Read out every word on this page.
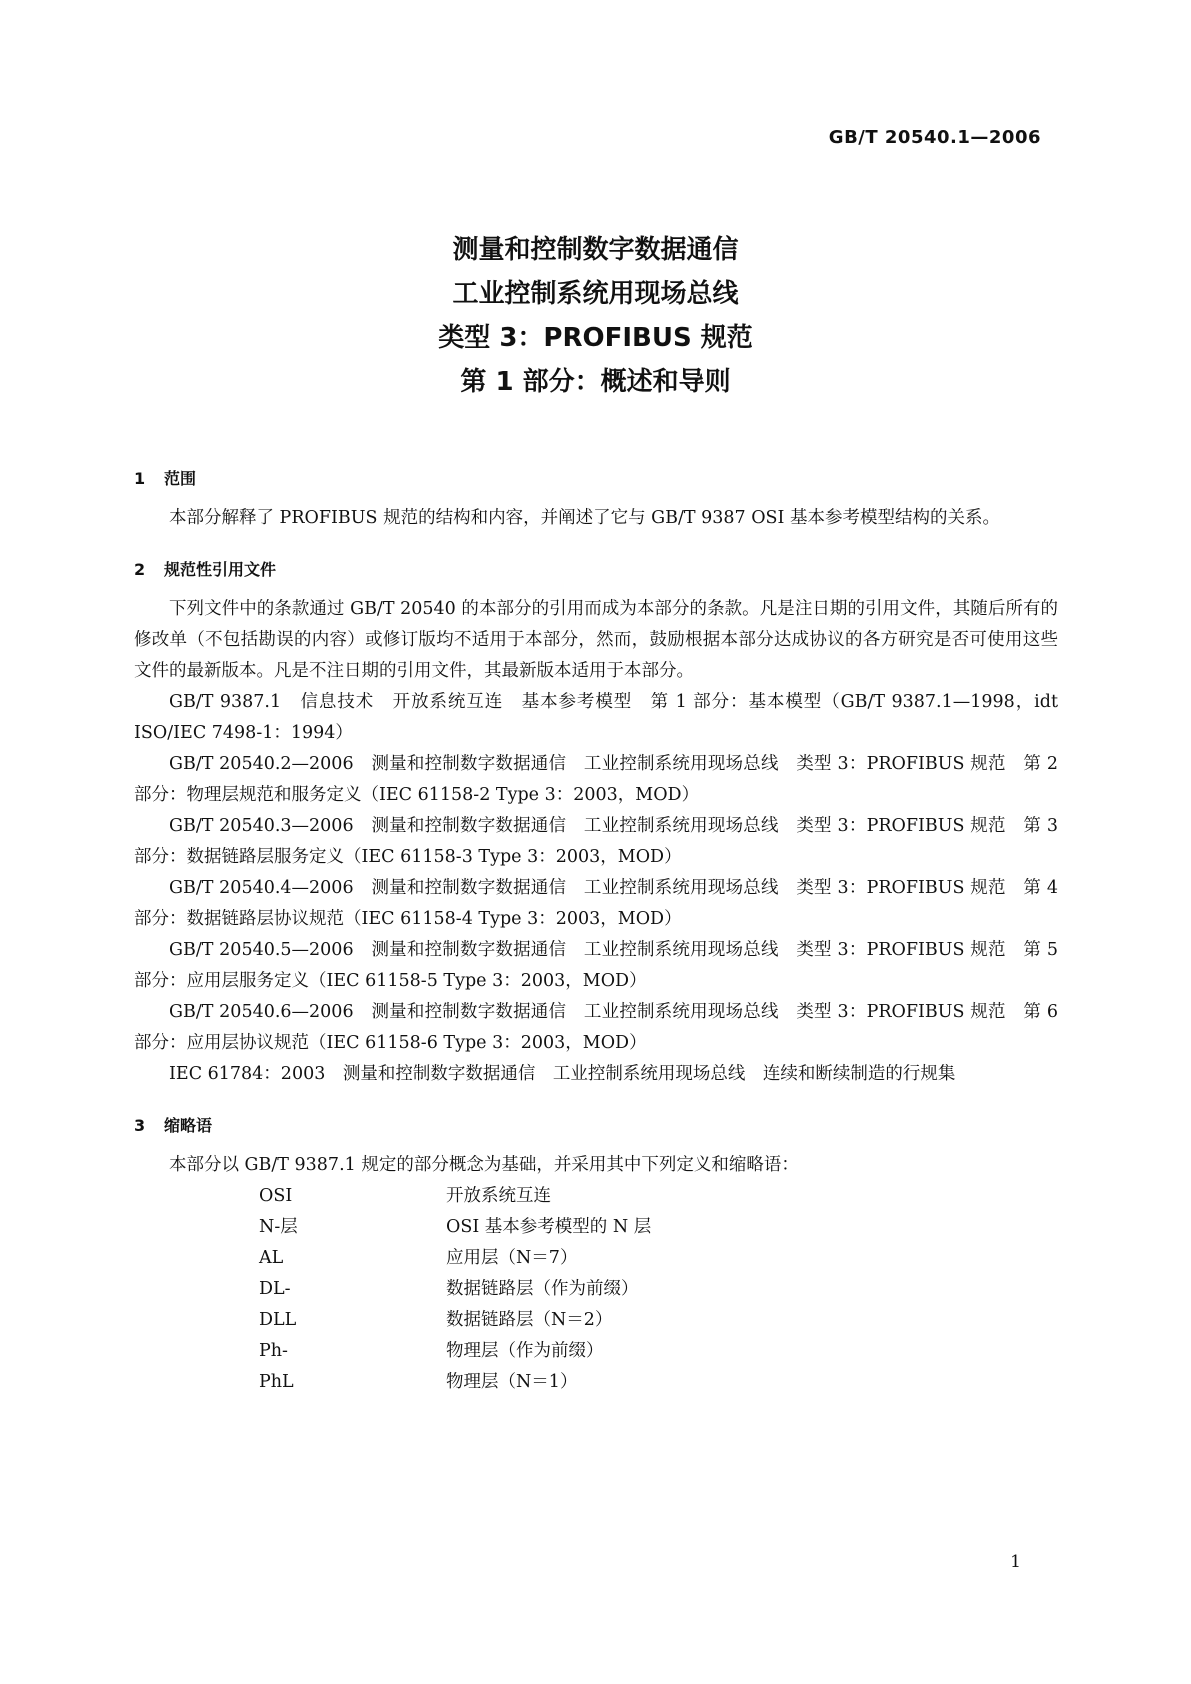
GB/T 20540.1—2006
测量和控制数字数据通信
工业控制系统用现场总线
类型 3：PROFIBUS 规范
第 1 部分：概述和导则
1 范围

本部分解释了 PROFIBUS 规范的结构和内容，并阐述了它与 GB/T 9387 OSI 基本参考模型结构的关系。

2 规范性引用文件

下列文件中的条款通过 GB/T 20540 的本部分的引用而成为本部分的条款。凡是注日期的引用文件，其随后所有的修改单（不包括勘误的内容）或修订版均不适用于本部分，然而，鼓励根据本部分达成协议的各方研究是否可使用这些文件的最新版本。凡是不注日期的引用文件，其最新版本适用于本部分。

GB/T 9387.1　信息技术　开放系统互连　基本参考模型　第 1 部分：基本模型（GB/T 9387.1—1998，idt ISO/IEC 7498-1：1994）

GB/T 20540.2—2006　测量和控制数字数据通信　工业控制系统用现场总线　类型 3：PROFIBUS 规范　第 2 部分：物理层规范和服务定义（IEC 61158-2 Type 3：2003，MOD）

GB/T 20540.3—2006　测量和控制数字数据通信　工业控制系统用现场总线　类型 3：PROFIBUS 规范　第 3 部分：数据链路层服务定义（IEC 61158-3 Type 3：2003，MOD）

GB/T 20540.4—2006　测量和控制数字数据通信　工业控制系统用现场总线　类型 3：PROFIBUS 规范　第 4 部分：数据链路层协议规范（IEC 61158-4 Type 3：2003，MOD）

GB/T 20540.5—2006　测量和控制数字数据通信　工业控制系统用现场总线　类型 3：PROFIBUS 规范　第 5 部分：应用层服务定义（IEC 61158-5 Type 3：2003，MOD）

GB/T 20540.6—2006　测量和控制数字数据通信　工业控制系统用现场总线　类型 3：PROFIBUS 规范　第 6 部分：应用层协议规范（IEC 61158-6 Type 3：2003，MOD）

IEC 61784：2003　测量和控制数字数据通信　工业控制系统用现场总线　连续和断续制造的行规集

3 缩略语

本部分以 GB/T 9387.1 规定的部分概念为基础，并采用其中下列定义和缩略语：

OSI	开放系统互连
N-层	OSI 基本参考模型的 N 层
AL	应用层（N＝7）
DL-	数据链路层（作为前缀）
DLL	数据链路层（N＝2）
Ph-	物理层（作为前缀）
PhL	物理层（N＝1）
1
